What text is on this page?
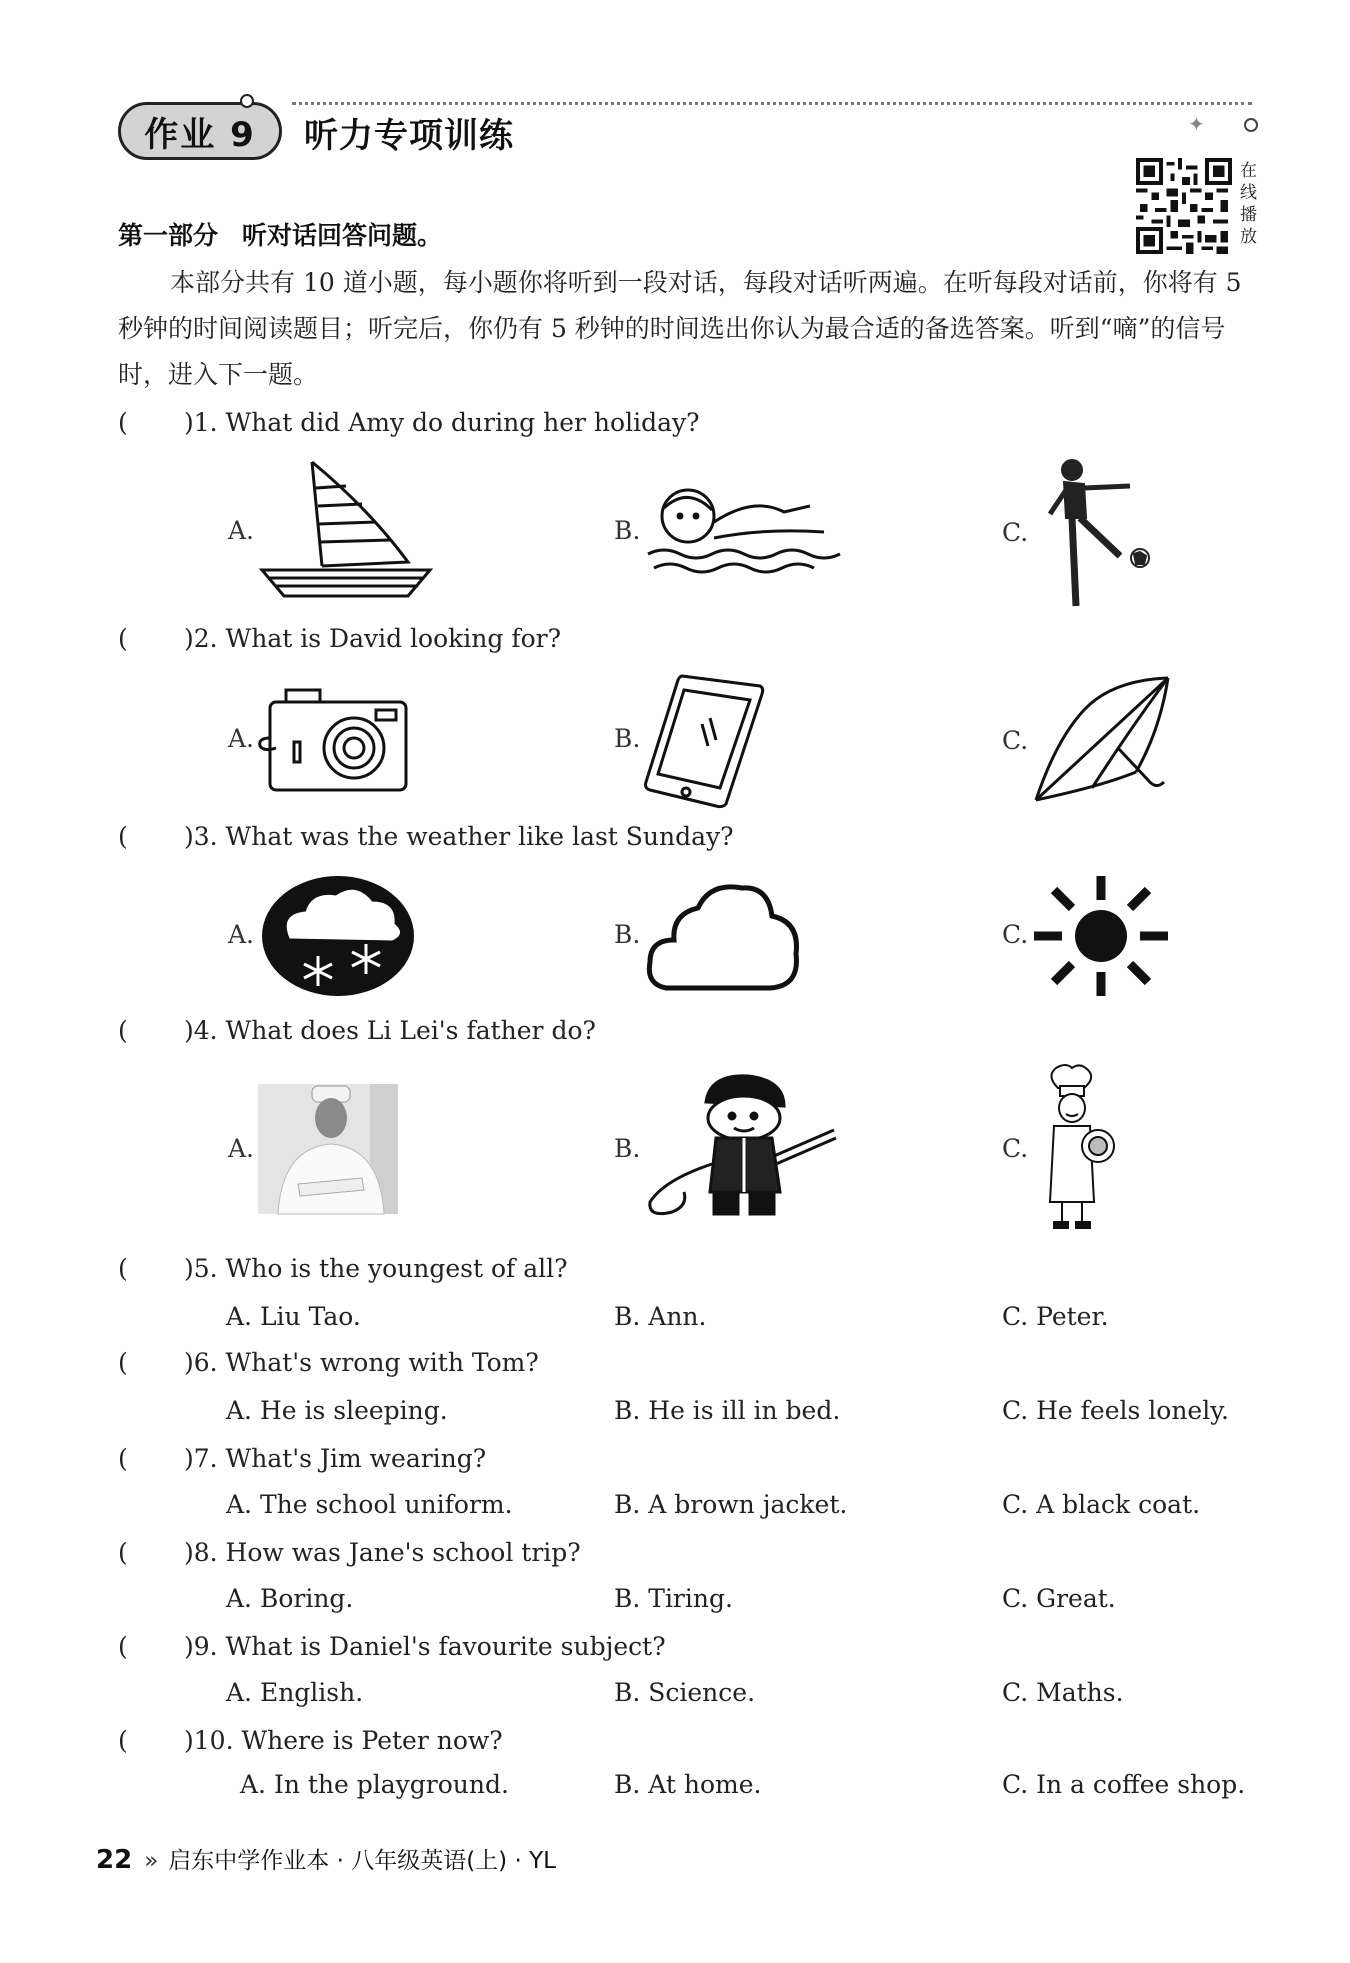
✦
作业 9	听力专项训练
在线播放
第一部分 听对话回答问题。
本部分共有 10 道小题，每小题你将听到一段对话，每段对话听两遍。在听每段对话前，你将有 5 秒钟的时间阅读题目；听完后，你仍有 5 秒钟的时间选出你认为最合适的备选答案。听到“嘀”的信号时，进入下一题。
( )1. What did Amy do during her holiday?
A.	B.	C.
( )2. What is David looking for?
A.	B.	C.
( )3. What was the weather like last Sunday?
A.	B.	C.
( )4. What does Li Lei's father do?
A.	B.	C.
( )5. Who is the youngest of all?
A. Liu Tao.	B. Ann.	C. Peter.
( )6. What's wrong with Tom?
A. He is sleeping.	B. He is ill in bed.	C. He feels lonely.
( )7. What's Jim wearing?
A. The school uniform.	B. A brown jacket.	C. A black coat.
( )8. How was Jane's school trip?
A. Boring.	B. Tiring.	C. Great.
( )9. What is Daniel's favourite subject?
A. English.	B. Science.	C. Maths.
( )10. Where is Peter now?
A. In the playground.	B. At home.	C. In a coffee shop.
22 » 启东中学作业本 · 八年级英语(上) · YL
